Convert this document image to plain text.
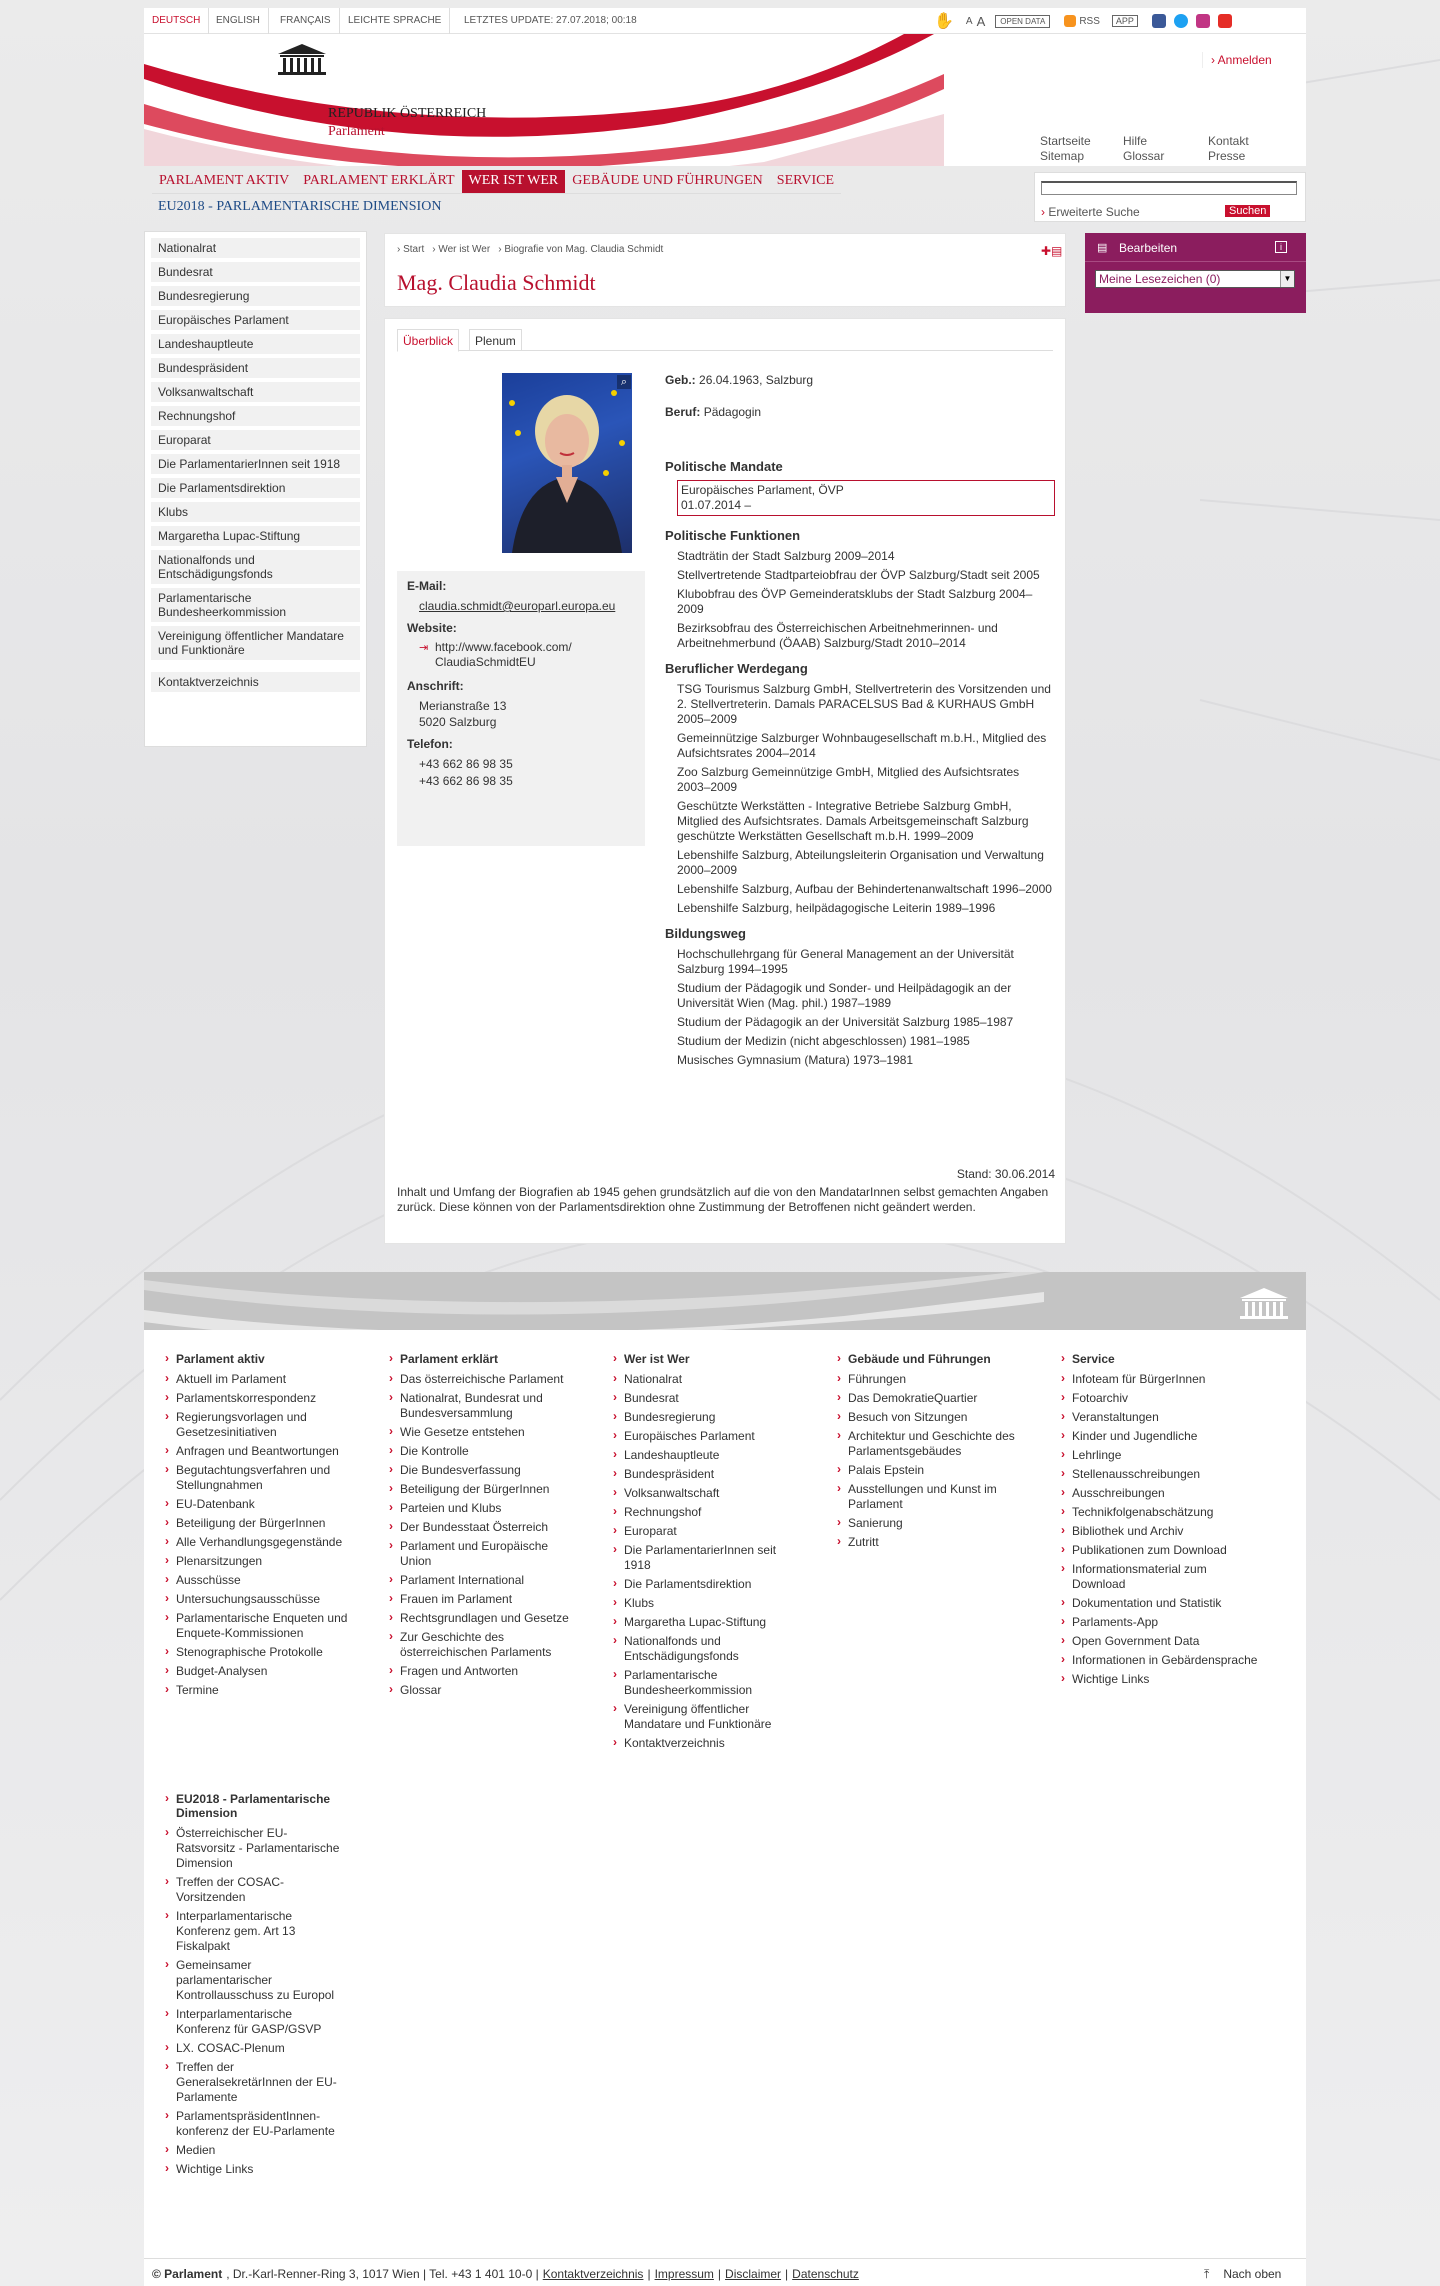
DEUTSCH	ENGLISH	FRANÇAIS	LEICHTE SPRACHE	LETZTES UPDATE: 27.07.2018; 00:18	✋ A A	OPEN DATA	RSS	APP
REPUBLIK ÖSTERREICH
Parlament
› Anmelden
Startseite
Sitemap
Hilfe
Glossar
Kontakt
Presse
PARLAMENT AKTIV	PARLAMENT ERKLÄRT	WER IST WER	GEBÄUDE UND FÜHRUNGEN	SERVICE
EU2018 - PARLAMENTARISCHE DIMENSION	› Erweiterte Suche	Suchen
Nationalrat
Bundesrat
Bundesregierung
Europäisches Parlament
Landeshauptleute
Bundespräsident
Volksanwaltschaft
Rechnungshof
Europarat
Die ParlamentarierInnen seit 1918
Die Parlamentsdirektion
Klubs
Margaretha Lupac-Stiftung
Nationalfonds und Entschädigungsfonds
Parlamentarische Bundesheerkommission
Vereinigung öffentlicher Mandatare und Funktionäre
Kontaktverzeichnis
› Start › Wer ist Wer › Biografie von Mag. Claudia Schmidt	✚▤
Mag. Claudia Schmidt
Überblick	Plenum
⌕
E-Mail:
claudia.schmidt@europarl.europa.eu
Website:
⇥ http://www.facebook.com/ ClaudiaSchmidtEU
Anschrift:
Merianstraße 13
5020 Salzburg
Telefon:
+43 662 86 98 35
+43 662 86 98 35
Geb.: 26.04.1963, Salzburg
Beruf: Pädagogin
Politische Mandate
Europäisches Parlament, ÖVP
01.07.2014 –
Politische Funktionen
Stadträtin der Stadt Salzburg 2009–2014
Stellvertretende Stadtparteiobfrau der ÖVP Salzburg/Stadt seit 2005
Klubobfrau des ÖVP Gemeinderatsklubs der Stadt Salzburg 2004–2009
Bezirksobfrau des Österreichischen Arbeitnehmerinnen- und Arbeitnehmerbund (ÖAAB) Salzburg/Stadt 2010–2014
Beruflicher Werdegang
TSG Tourismus Salzburg GmbH, Stellvertreterin des Vorsitzenden und 2. Stellvertreterin. Damals PARACELSUS Bad & KURHAUS GmbH 2005–2009
Gemeinnützige Salzburger Wohnbaugesellschaft m.b.H., Mitglied des Aufsichtsrates 2004–2014
Zoo Salzburg Gemeinnützige GmbH, Mitglied des Aufsichtsrates 2003–2009
Geschützte Werkstätten - Integrative Betriebe Salzburg GmbH, Mitglied des Aufsichtsrates. Damals Arbeitsgemeinschaft Salzburg geschützte Werkstätten Gesellschaft m.b.H. 1999–2009
Lebenshilfe Salzburg, Abteilungsleiterin Organisation und Verwaltung 2000–2009
Lebenshilfe Salzburg, Aufbau der Behindertenanwaltschaft 1996–2000
Lebenshilfe Salzburg, heilpädagogische Leiterin 1989–1996
Bildungsweg
Hochschullehrgang für General Management an der Universität Salzburg 1994–1995
Studium der Pädagogik und Sonder- und Heilpädagogik an der Universität Wien (Mag. phil.) 1987–1989
Studium der Pädagogik an der Universität Salzburg 1985–1987
Studium der Medizin (nicht abgeschlossen) 1981–1985
Musisches Gymnasium (Matura) 1973–1981
Stand: 30.06.2014
Inhalt und Umfang der Biografien ab 1945 gehen grundsätzlich auf die von den MandatarInnen selbst gemachten Angaben zurück. Diese können von der Parlamentsdirektion ohne Zustimmung der Betroffenen nicht geändert werden.
▤ Bearbeiten	i
Meine Lesezeichen (0)	▼
› Parlament aktiv
› Aktuell im Parlament
› Parlamentskorrespondenz
› Regierungsvorlagen und Gesetzesinitiativen
› Anfragen und Beantwortungen
› Begutachtungsverfahren und Stellungnahmen
› EU-Datenbank
› Beteiligung der BürgerInnen
› Alle Verhandlungsgegenstände
› Plenarsitzungen
› Ausschüsse
› Untersuchungsausschüsse
› Parlamentarische Enqueten und Enquete-Kommissionen
› Stenographische Protokolle
› Budget-Analysen
› Termine
› Parlament erklärt
› Das österreichische Parlament
› Nationalrat, Bundesrat und Bundesversammlung
› Wie Gesetze entstehen
› Die Kontrolle
› Die Bundesverfassung
› Beteiligung der BürgerInnen
› Parteien und Klubs
› Der Bundesstaat Österreich
› Parlament und Europäische Union
› Parlament International
› Frauen im Parlament
› Rechtsgrundlagen und Gesetze
› Zur Geschichte des österreichischen Parlaments
› Fragen und Antworten
› Glossar
› Wer ist Wer
› Nationalrat
› Bundesrat
› Bundesregierung
› Europäisches Parlament
› Landeshauptleute
› Bundespräsident
› Volksanwaltschaft
› Rechnungshof
› Europarat
› Die ParlamentarierInnen seit 1918
› Die Parlamentsdirektion
› Klubs
› Margaretha Lupac-Stiftung
› Nationalfonds und Entschädigungsfonds
› Parlamentarische Bundesheerkommission
› Vereinigung öffentlicher Mandatare und Funktionäre
› Kontaktverzeichnis
› Gebäude und Führungen
› Führungen
› Das DemokratieQuartier
› Besuch von Sitzungen
› Architektur und Geschichte des Parlamentsgebäudes
› Palais Epstein
› Ausstellungen und Kunst im Parlament
› Sanierung
› Zutritt
› Service
› Infoteam für BürgerInnen
› Fotoarchiv
› Veranstaltungen
› Kinder und Jugendliche
› Lehrlinge
› Stellenausschreibungen
› Ausschreibungen
› Technikfolgenabschätzung
› Bibliothek und Archiv
› Publikationen zum Download
› Informationsmaterial zum Download
› Dokumentation und Statistik
› Parlaments-App
› Open Government Data
› Informationen in Gebärdensprache
› Wichtige Links
› EU2018 - Parlamentarische Dimension
› Österreichischer EU-Ratsvorsitz - Parlamentarische Dimension
› Treffen der COSAC-Vorsitzenden
› Interparlamentarische Konferenz gem. Art 13 Fiskalpakt
› Gemeinsamer parlamentarischer Kontrollausschuss zu Europol
› Interparlamentarische Konferenz für GASP/GSVP
› LX. COSAC-Plenum
› Treffen der GeneralsekretärInnen der EU-Parlamente
› ParlamentspräsidentInnen-konferenz der EU-Parlamente
› Medien
› Wichtige Links
© Parlament , Dr.-Karl-Renner-Ring 3, 1017 Wien | Tel. +43 1 401 10-0 | Kontaktverzeichnis | Impressum | Disclaimer | Datenschutz	⤒ Nach oben
